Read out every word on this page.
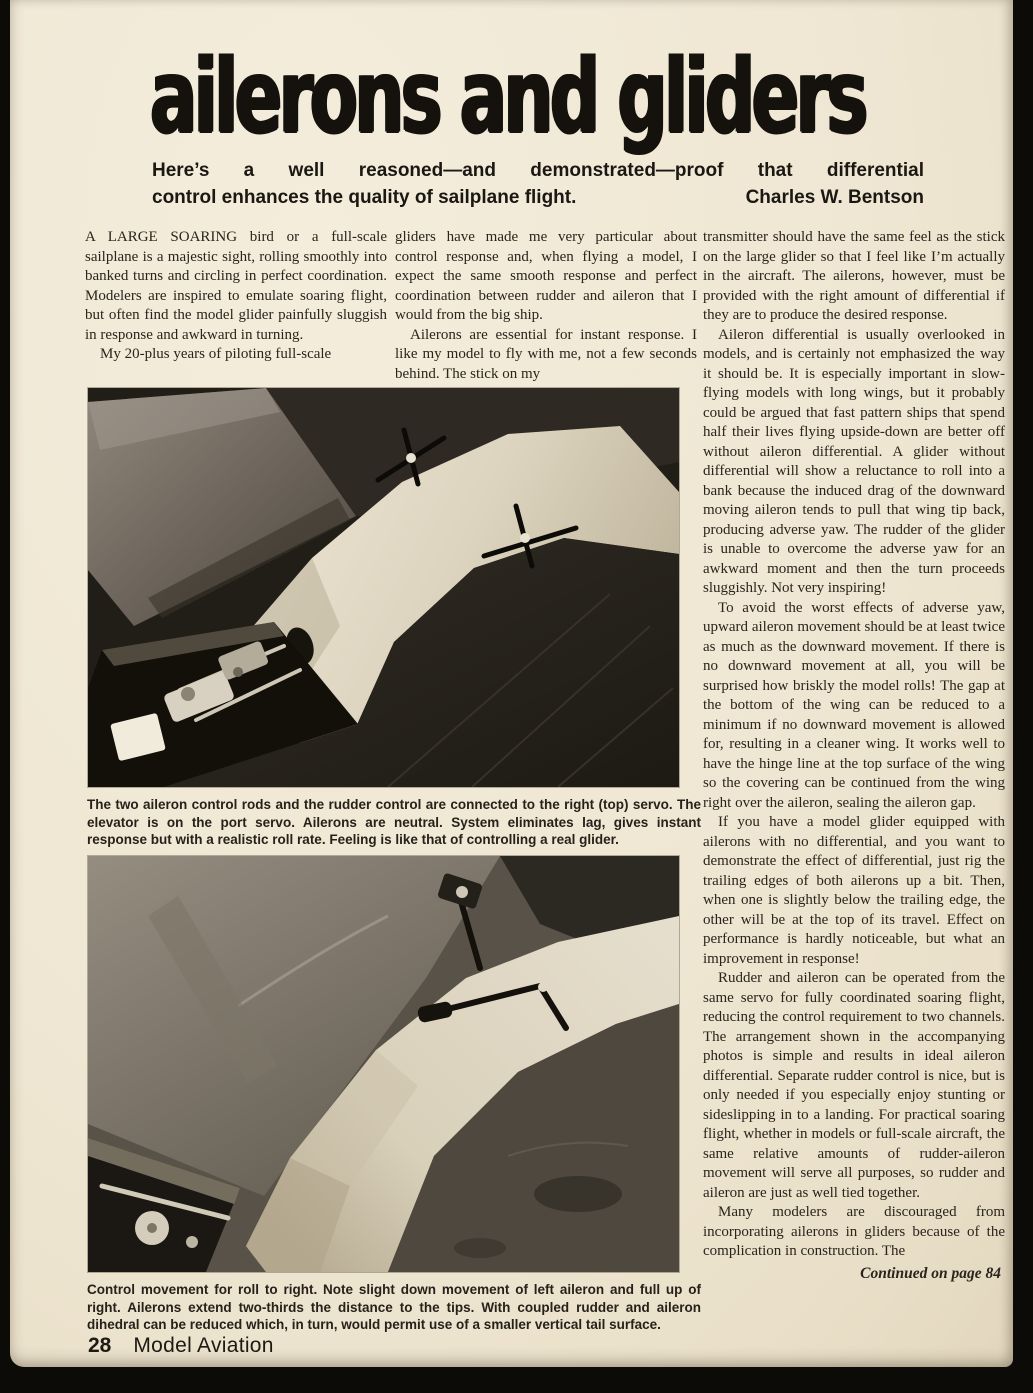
ailerons and gliders
Here’s a well reasoned—and demonstrated—proof that differential
control enhances the quality of sailplane flight.	Charles W. Bentson

A LARGE SOARING bird or a full-scale sailplane is a majestic sight, rolling smoothly into banked turns and circling in perfect coordination. Modelers are inspired to emulate soaring flight, but often find the model glider painfully sluggish in response and awkward in turning.

My 20-plus years of piloting full-scale

gliders have made me very particular about control response and, when flying a model, I expect the same smooth response and perfect coordination between rudder and aileron that I would from the big ship.

Ailerons are essential for instant response. I like my model to fly with me, not a few seconds behind. The stick on my

transmitter should have the same feel as the stick on the large glider so that I feel like I’m actually in the aircraft. The ailerons, however, must be provided with the right amount of differential if they are to produce the desired response.

Aileron differential is usually overlooked in models, and is certainly not emphasized the way it should be. It is especially important in slow-flying models with long wings, but it probably could be argued that fast pattern ships that spend half their lives flying upside-down are better off without aileron differential. A glider without differential will show a reluctance to roll into a bank because the induced drag of the downward moving aileron tends to pull that wing tip back, producing adverse yaw. The rudder of the glider is unable to overcome the adverse yaw for an awkward moment and then the turn proceeds sluggishly. Not very inspiring!

To avoid the worst effects of adverse yaw, upward aileron movement should be at least twice as much as the downward movement. If there is no downward movement at all, you will be surprised how briskly the model rolls! The gap at the bottom of the wing can be reduced to a minimum if no downward movement is allowed for, resulting in a cleaner wing. It works well to have the hinge line at the top surface of the wing so the covering can be continued from the wing right over the aileron, sealing the aileron gap.

If you have a model glider equipped with ailerons with no differential, and you want to demonstrate the effect of differential, just rig the trailing edges of both ailerons up a bit. Then, when one is slightly below the trailing edge, the other will be at the top of its travel. Effect on performance is hardly noticeable, but what an improvement in response!

Rudder and aileron can be operated from the same servo for fully coordinated soaring flight, reducing the control requirement to two channels. The arrangement shown in the accompanying photos is simple and results in ideal aileron differential. Separate rudder control is nice, but is only needed if you especially enjoy stunting or sideslipping in to a landing. For practical soaring flight, whether in models or full-scale aircraft, the same relative amounts of rudder-aileron movement will serve all purposes, so rudder and aileron are just as well tied together.

Many modelers are discouraged from incorporating ailerons in gliders because of the complication in construction. The

Continued on page 84
The two aileron control rods and the rudder control are connected to the right (top) servo. The elevator is on the port servo. Ailerons are neutral. System eliminates lag, gives instant response but with a realistic roll rate. Feeling is like that of controlling a real glider.
Control movement for roll to right. Note slight down movement of left aileron and full up of right. Ailerons extend two-thirds the distance to the tips. With coupled rudder and aileron dihedral can be reduced which, in turn, would permit use of a smaller vertical tail surface.
28 Model Aviation
